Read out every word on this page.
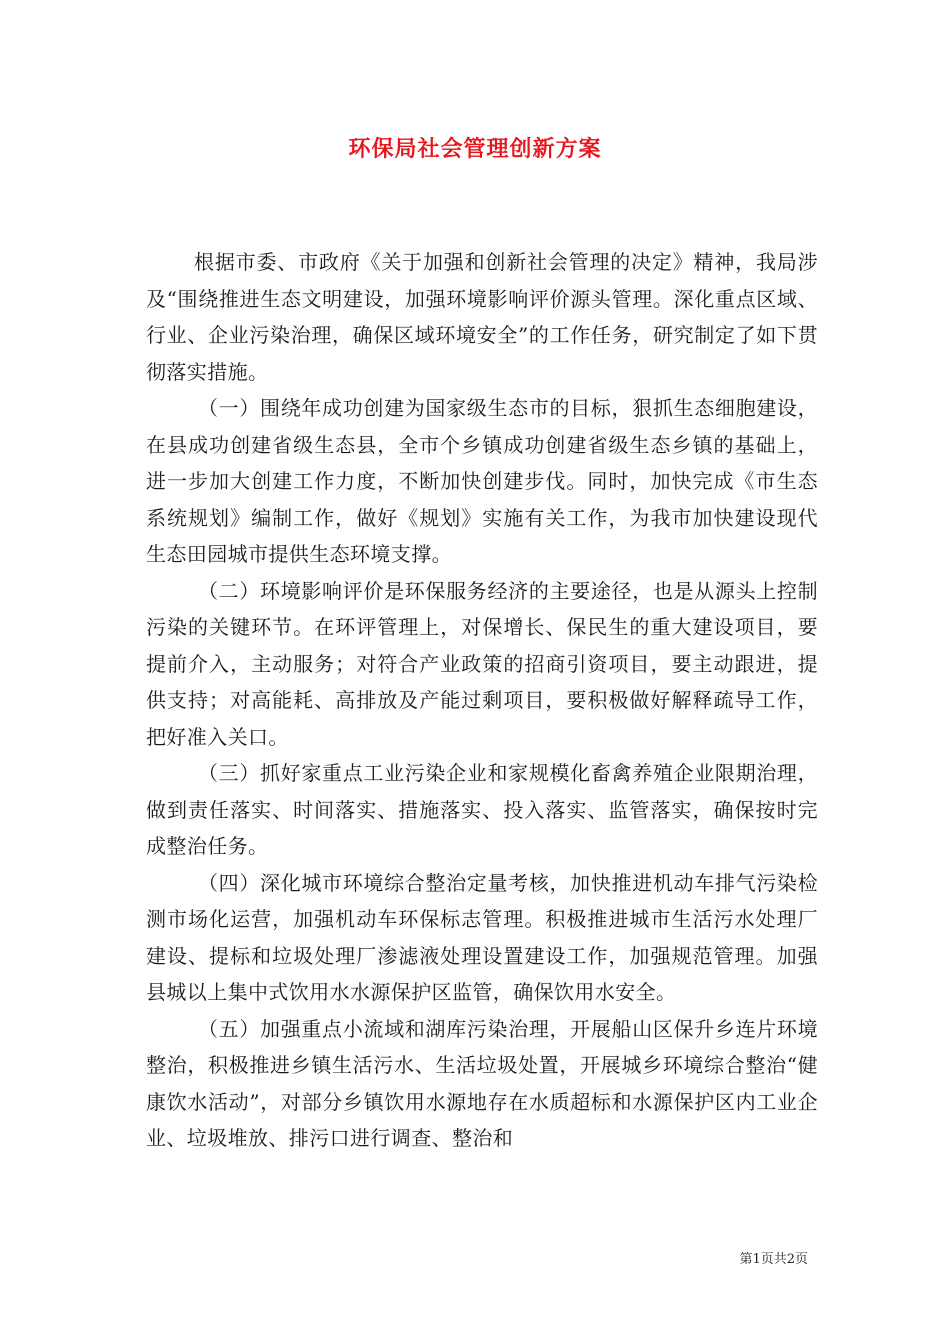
环保局社会管理创新方案

根据市委、市政府《关于加强和创新社会管理的决定》精神，我局涉及“围绕推进生态文明建设，加强环境影响评价源头管理。深化重点区域、行业、企业污染治理，确保区域环境安全”的工作任务，研究制定了如下贯彻落实措施。

（一）围绕年成功创建为国家级生态市的目标，狠抓生态细胞建设，在县成功创建省级生态县，全市个乡镇成功创建省级生态乡镇的基础上，进一步加大创建工作力度，不断加快创建步伐。同时，加快完成《市生态系统规划》编制工作，做好《规划》实施有关工作，为我市加快建设现代生态田园城市提供生态环境支撑。

（二）环境影响评价是环保服务经济的主要途径，也是从源头上控制污染的关键环节。在环评管理上，对保增长、保民生的重大建设项目，要提前介入，主动服务；对符合产业政策的招商引资项目，要主动跟进，提供支持；对高能耗、高排放及产能过剩项目，要积极做好解释疏导工作，把好准入关口。

（三）抓好家重点工业污染企业和家规模化畜禽养殖企业限期治理，做到责任落实、时间落实、措施落实、投入落实、监管落实，确保按时完成整治任务。

（四）深化城市环境综合整治定量考核，加快推进机动车排气污染检测市场化运营，加强机动车环保标志管理。积极推进城市生活污水处理厂建设、提标和垃圾处理厂渗滤液处理设置建设工作，加强规范管理。加强县城以上集中式饮用水水源保护区监管，确保饮用水安全。

（五）加强重点小流域和湖库污染治理，开展船山区保升乡连片环境整治，积极推进乡镇生活污水、生活垃圾处置，开展城乡环境综合整治“健康饮水活动”，对部分乡镇饮用水源地存在水质超标和水源保护区内工业企业、垃圾堆放、排污口进行调查、整治和

第1页共2页
